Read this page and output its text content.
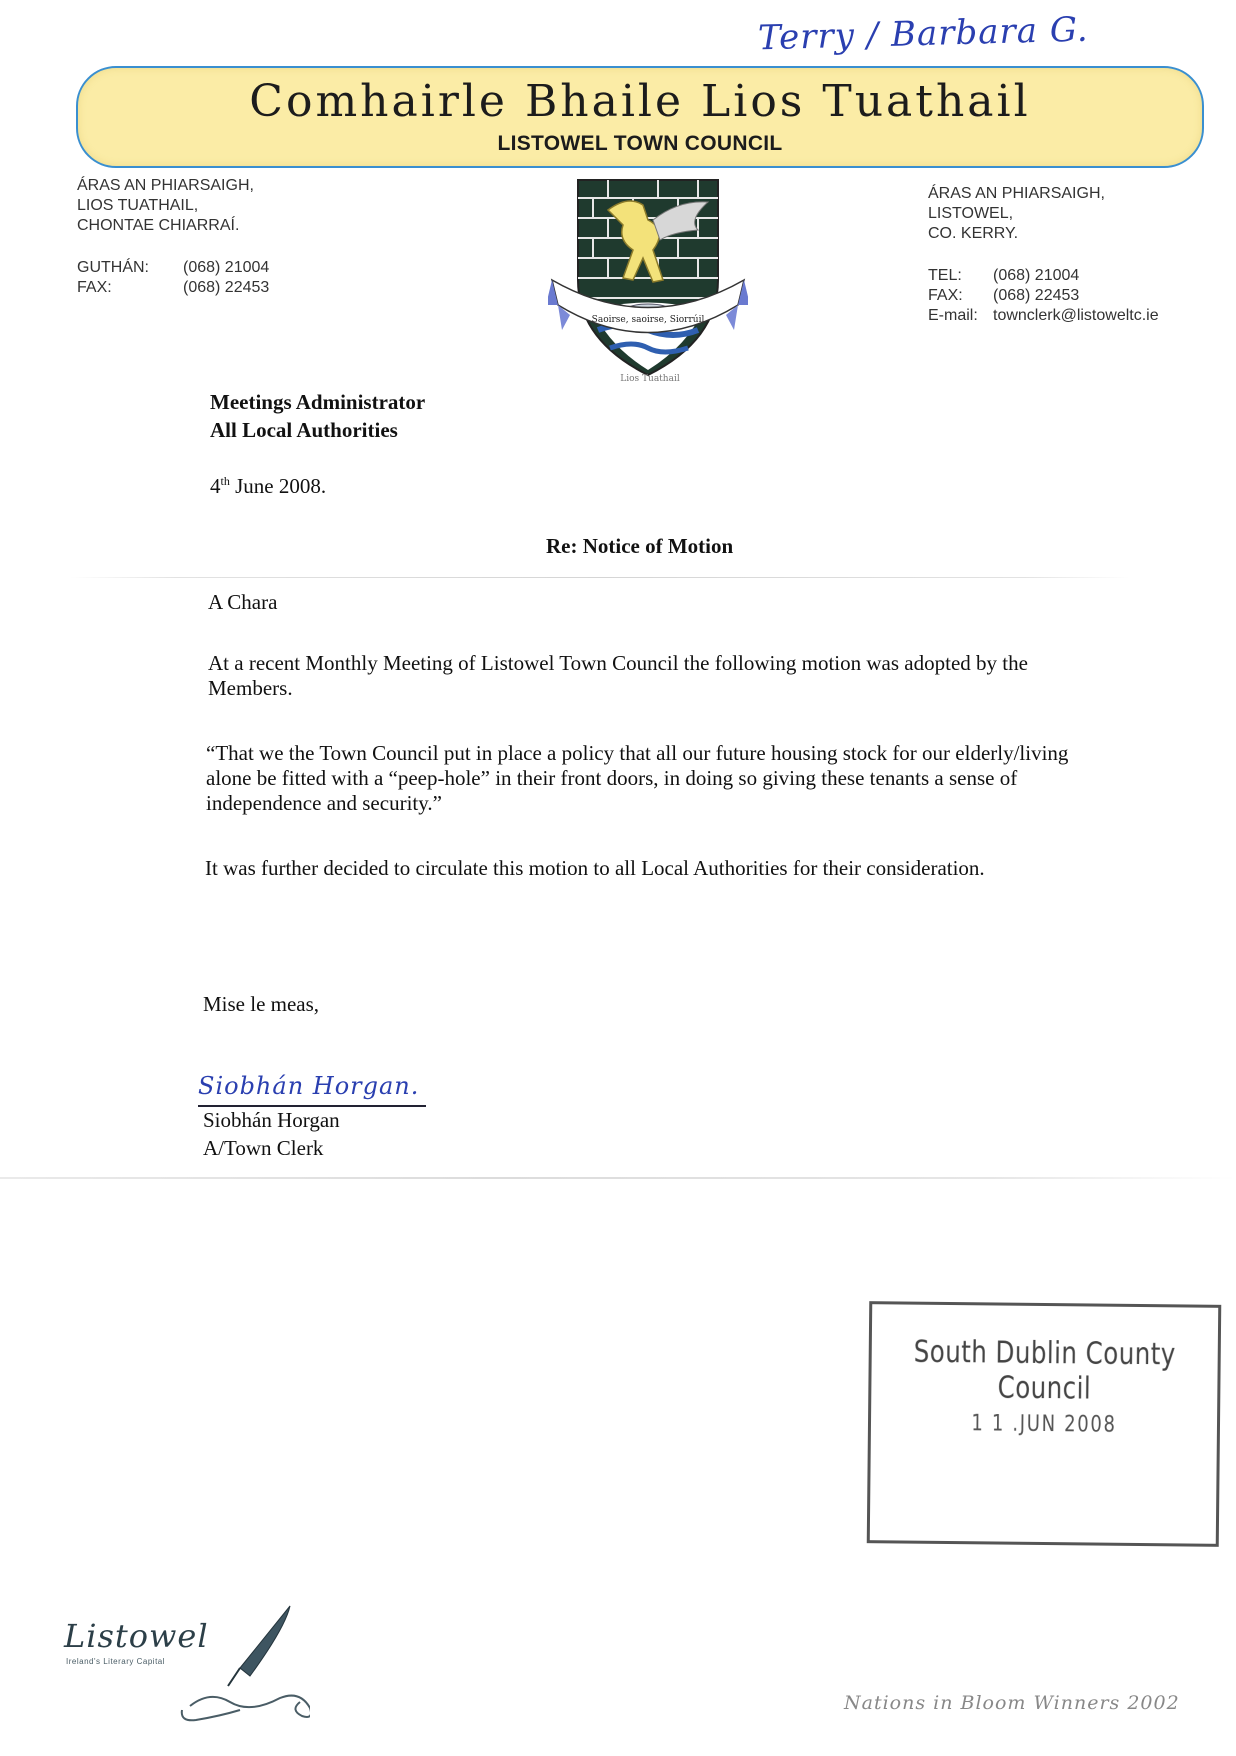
Terry / Barbara G.
Comhairle Bhaile Lios Tuathail
LISTOWEL TOWN COUNCIL
ÁRAS AN PHIARSAIGH,
LIOS TUATHAIL,
CHONTAE CHIARRAÍ.
GUTHÁN:	(068) 21004
FAX:	(068) 22453
Saoirse, saoirse, Siorrúil
Lios Tuathail
ÁRAS AN PHIARSAIGH,
LISTOWEL,
CO. KERRY.
TEL:	(068) 21004
FAX:	(068) 22453
E-mail: townclerk@listoweltc.ie
Meetings Administrator
All Local Authorities
4th June 2008.
Re: Notice of Motion
A Chara
At a recent Monthly Meeting of Listowel Town Council the following motion was adopted by the Members.
“That we the Town Council put in place a policy that all our future housing stock for our elderly/living alone be fitted with a “peep-hole” in their front doors, in doing so giving these tenants a sense of independence and security.”
It was further decided to circulate this motion to all Local Authorities for their consideration.
Mise le meas,
Siobhán Horgan.
Siobhán Horgan
A/Town Clerk
South Dublin County Council
1 1 .JUN 2008
Listowel
Ireland's Literary Capital
Nations in Bloom Winners 2002
